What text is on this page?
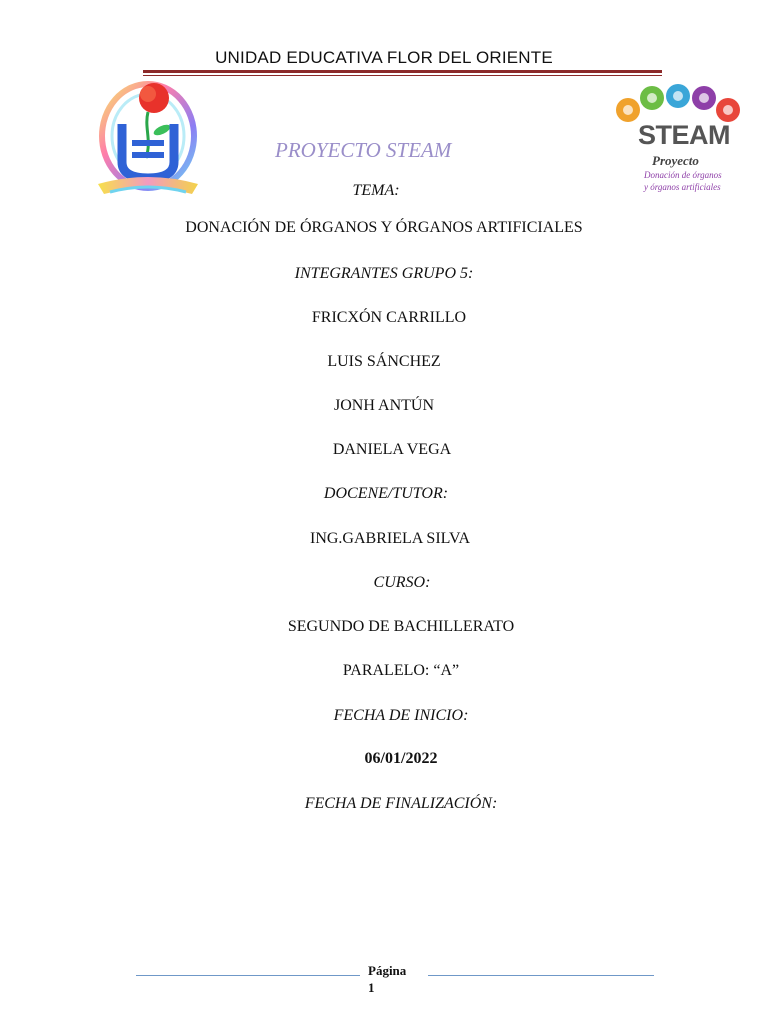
UNIDAD EDUCATIVA FLOR DEL ORIENTE
STEAM
Proyecto
Donación de órganos
y órganos artificiales
PROYECTO STEAM
TEMA:
DONACIÓN DE ÓRGANOS Y ÓRGANOS ARTIFICIALES
INTEGRANTES GRUPO 5:
FRICXÓN CARRILLO
LUIS SÁNCHEZ
JONH ANTÚN
DANIELA VEGA
DOCENE/TUTOR:
ING.GABRIELA SILVA
CURSO:
SEGUNDO DE BACHILLERATO
PARALELO: “A”
FECHA DE INICIO:
06/01/2022
FECHA DE FINALIZACIÓN:
Página
1
